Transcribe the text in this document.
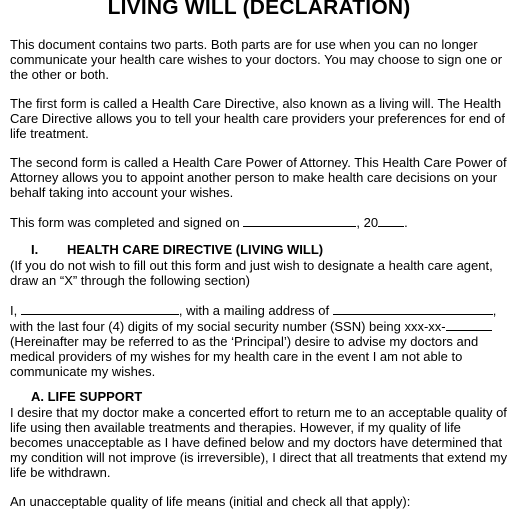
LIVING WILL (DECLARATION)

This document contains two parts. Both parts are for use when you can no longer communicate your health care wishes to your doctors. You may choose to sign one or the other or both.

The first form is called a Health Care Directive, also known as a living will. The Health Care Directive allows you to tell your health care providers your preferences for end of life treatment.

The second form is called a Health Care Power of Attorney. This Health Care Power of Attorney allows you to appoint another person to make health care decisions on your behalf taking into account your wishes.

This form was completed and signed on	, 20 .

I. HEALTH CARE DIRECTIVE (LIVING WILL)

(If you do not wish to fill out this form and just wish to designate a health care agent, draw an “X” through the following section)

I,	, with a mailing address of	,
with the last four (4) digits of my social security number (SSN) being xxx-xx-
(Hereinafter may be referred to as the ‘Principal’) desire to advise my doctors and medical providers of my wishes for my health care in the event I am not able to communicate my wishes.

A. LIFE SUPPORT

I desire that my doctor make a concerted effort to return me to an acceptable quality of life using then available treatments and therapies. However, if my quality of life becomes unacceptable as I have defined below and my doctors have determined that my condition will not improve (is irreversible), I direct that all treatments that extend my life be withdrawn.

An unacceptable quality of life means (initial and check all that apply):
